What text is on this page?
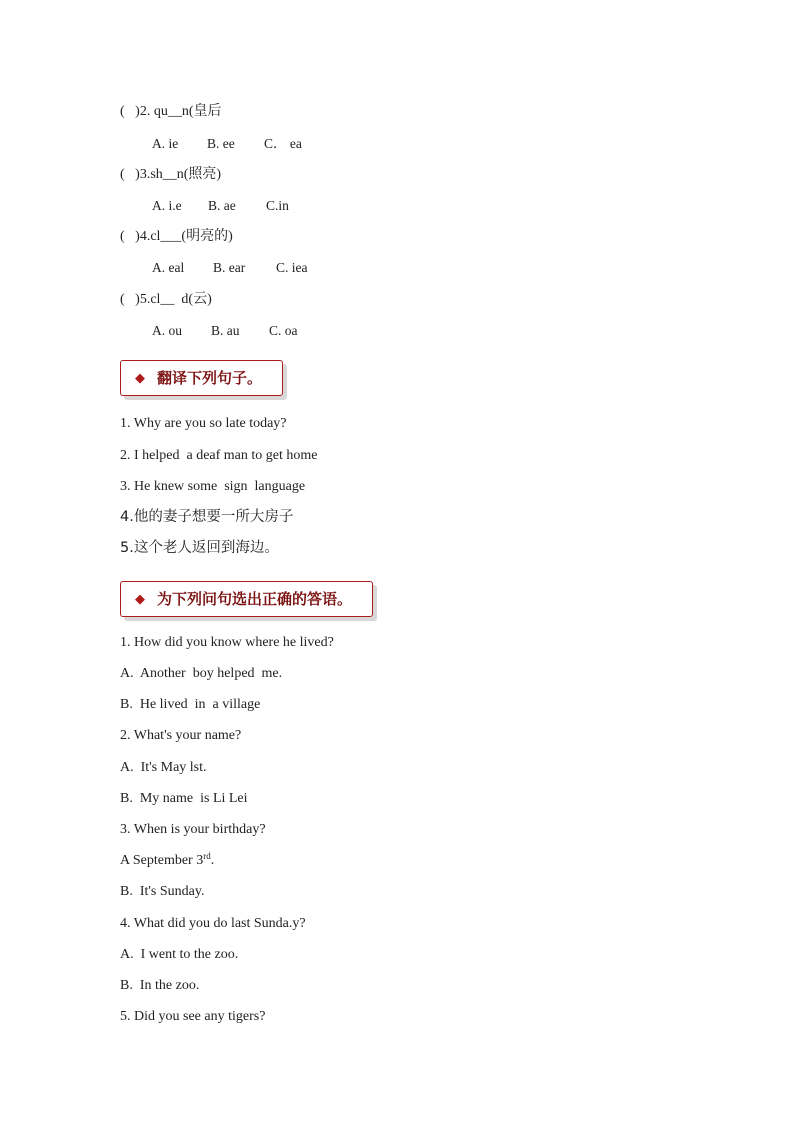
(   )2. qu__n(皇后

A. ie

B. ee

C． ea

(   )3.sh__n(照亮)

A. i.e

B. ae

C.in

(   )4.cl___(明亮的)

A. eal

B. ear

C. iea

(   )5.cl__  d(云)

A. ou

B. au

C. oa

◆ 翻译下列句子。
1. Why are you so late today?
2. I helped  a deaf man to get home
3. He knew some  sign  language
4.他的妻子想要一所大房子
5.这个老人返回到海边。
◆ 为下列问句选出正确的答语。
1. How did you know where he lived?
A.  Another  boy helped  me.
B.  He lived  in  a village
2. What's your name?
A.  It's May lst.
B.  My name  is Li Lei
3. When is your birthday?
A September 3rd.
B.  It's Sunday.
4. What did you do last Sunda.y?
A.  I went to the zoo.
B.  In the zoo.
5. Did you see any tigers?
